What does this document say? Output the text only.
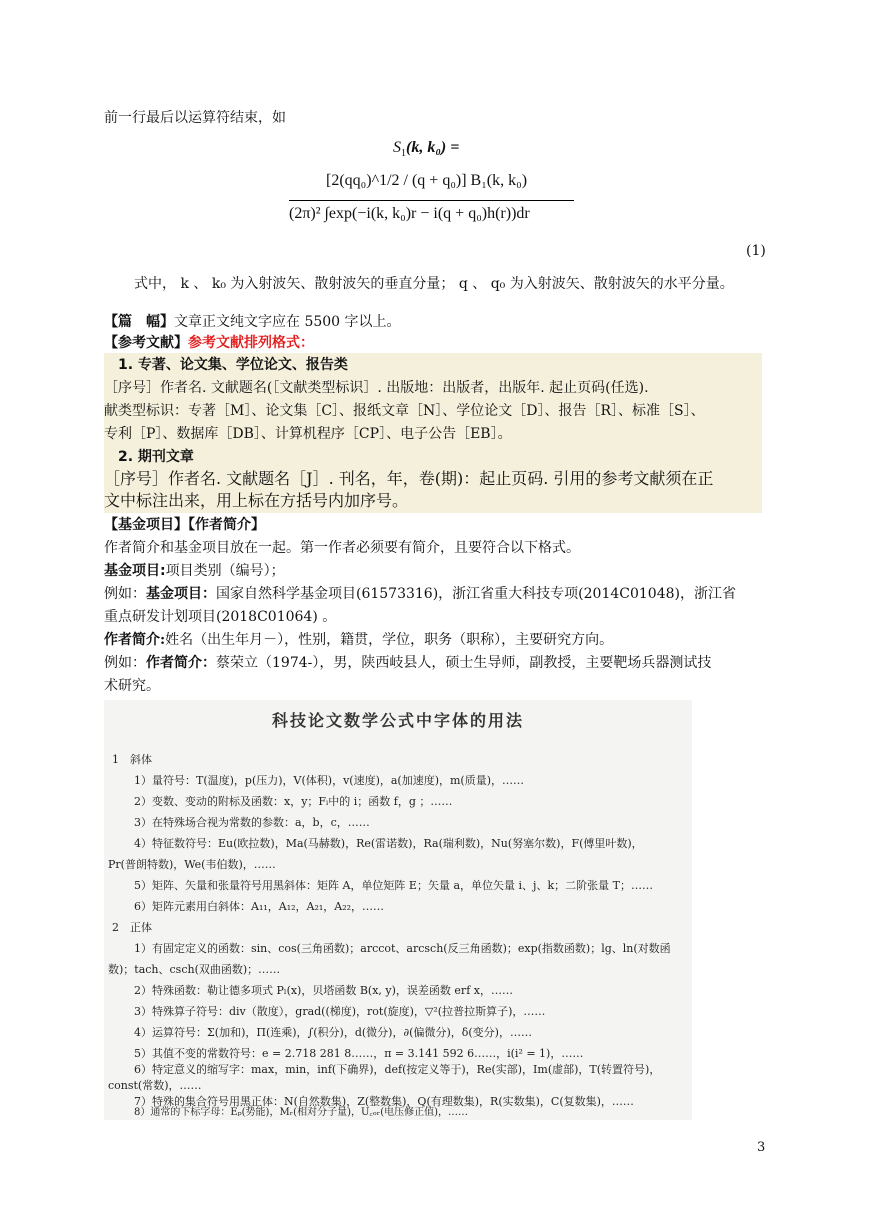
前一行最后以运算符结束，如
$S_1(k$, k₀) =
[2(qq₀)^1/2 / (q + q₀)] B₁(k, k₀)
(2π)² ∫exp(−i(k, k₀)r − i(q + q₀)h(r))dr
(1)
式中， k 、 k₀ 为入射波矢、散射波矢的垂直分量； q 、 q₀ 为入射波矢、散射波矢的水平分量。
【篇　幅】文章正文纯文字应在 5500 字以上。
【参考文献】参考文献排列格式：
1. 专著、论文集、学位论文、报告类
［序号］作者名. 文献题名(［文献类型标识］. 出版地：出版者，出版年. 起止页码(任选).
献类型标识：专著［M］、论文集［C］、报纸文章［N］、学位论文［D］、报告［R］、标准［S］、
专利［P］、数据库［DB］、计算机程序［CP］、电子公告［EB］。
2. 期刊文章
［序号］作者名. 文献题名［J］. 刊名，年，卷(期)：起止页码. 引用的参考文献须在正
文中标注出来，用上标在方括号内加序号。
【基金项目】【作者简介】
作者简介和基金项目放在一起。第一作者必须要有简介，且要符合以下格式。
基金项目:项目类别（编号）；
例如：基金项目：国家自然科学基金项目(61573316)，浙江省重大科技专项(2014C01048)，浙江省
重点研发计划项目(2018C01064) 。
作者简介:姓名（出生年月－），性别，籍贯，学位，职务（职称），主要研究方向。
例如：作者简介：蔡荣立（1974-），男，陕西岐县人，硕士生导师，副教授，主要靶场兵器测试技
术研究。
科技论文数学公式中字体的用法
1　斜体
1）量符号：T(温度)，p(压力)，V(体积)，v(速度)，a(加速度)，m(质量)，……
2）变数、变动的附标及函数：x，y；Fᵢ中的 i；函数 f，g ；……
3）在特殊场合视为常数的参数：a，b，c，……
4）特征数符号：Eu(欧拉数)，Ma(马赫数)，Re(雷诺数)，Ra(瑞利数)，Nu(努塞尔数)，F(傅里叶数)，
Pr(普朗特数)，We(韦伯数)，……
5）矩阵、矢量和张量符号用黑斜体：矩阵 A，单位矩阵 E；矢量 a，单位矢量 i、j、k；二阶张量 T；……
6）矩阵元素用白斜体：A₁₁，A₁₂，A₂₁，A₂₂，……
2　正体
1）有固定定义的函数：sin、cos(三角函数)；arccot、arcsch(反三角函数)；exp(指数函数)；lg、ln(对数函
数)；tach、csch(双曲函数)；……
2）特殊函数：勒让德多项式 Pₗ(x)，贝塔函数 B(x, y)，误差函数 erf x，……
3）特殊算子符号：div（散度），grad((梯度)，rot(旋度)，▽²(拉普拉斯算子)，……
4）运算符号：Σ(加和)，Π(连乘)，∫(积分)，d(微分)，∂(偏微分)，δ(变分)，……
5）其值不变的常数符号：e = 2.718 281 8……，π = 3.141 592 6……，i(i² = 1)，……
6）特定意义的缩写字：max，min，inf(下确界)，def(按定义等于)，Re(实部)，Im(虚部)，T(转置符号)，
const(常数)，……
7）特殊的集合符号用黑正体：N(自然数集)，Z(整数集)，Q(有理数集)，R(实数集)，C(复数集)，……
8）通常的下标字母：Eₚ(势能)，Mᵣ(相对分子量)，U꜀ₒᵣ(电压修正值)，……
3
